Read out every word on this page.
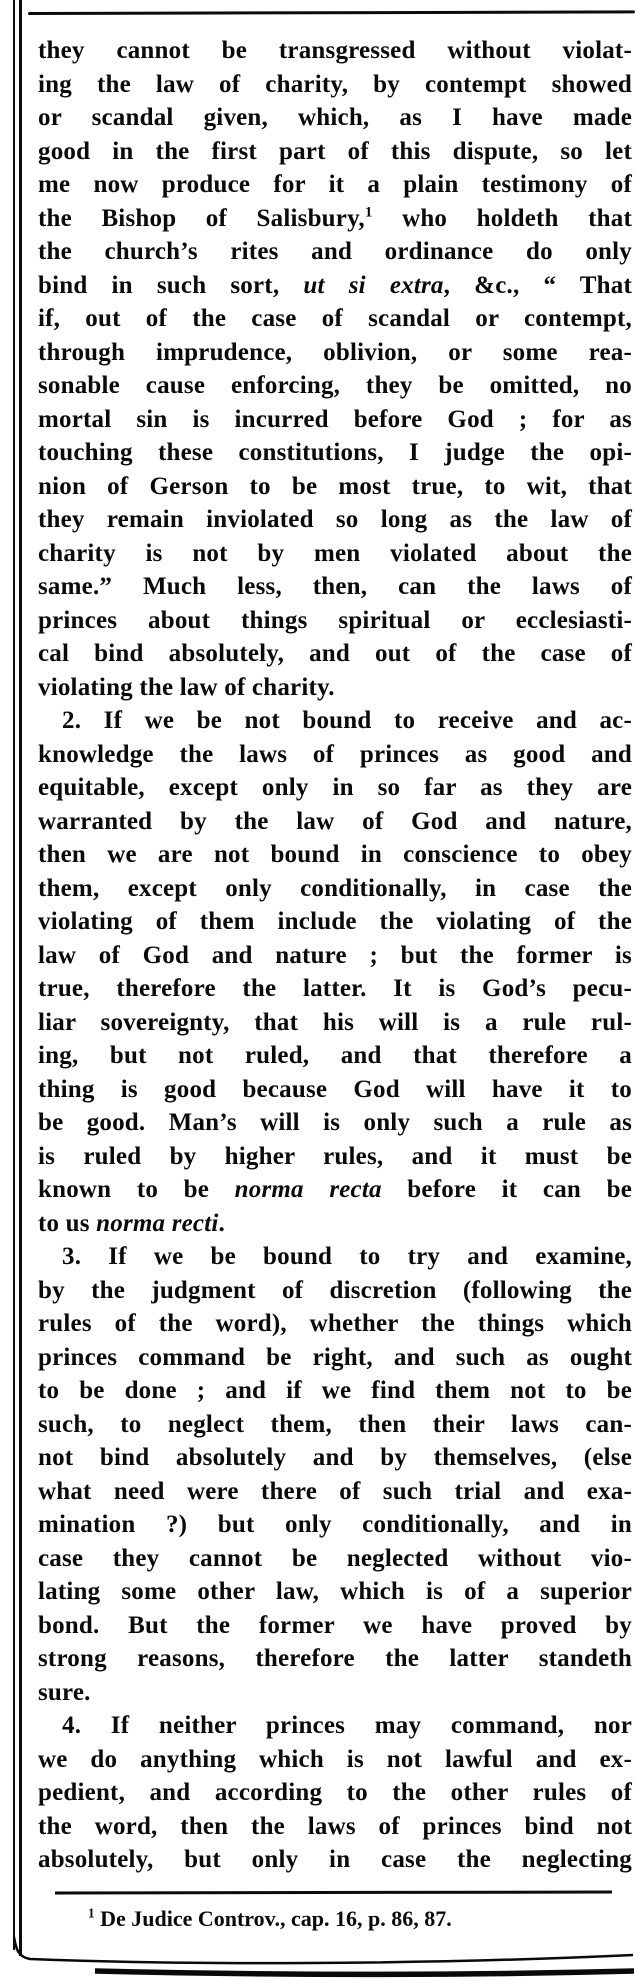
they cannot be transgressed without violat-
ing the law of charity, by contempt showed
or scandal given, which, as I have made
good in the first part of this dispute, so let
me now produce for it a plain testimony of
the Bishop of Salisbury,$^1$ who holdeth that
the church’s rites and ordinance do only
bind in such sort, ut si extra, &c., “ That
if, out of the case of scandal or contempt,
through imprudence, oblivion, or some rea-
sonable cause enforcing, they be omitted, no
mortal sin is incurred before God ; for as
touching these constitutions, I judge the opi-
nion of Gerson to be most true, to wit, that
they remain inviolated so long as the law of
charity is not by men violated about the
same.” Much less, then, can the laws of
princes about things spiritual or ecclesiasti-
cal bind absolutely, and out of the case of
violating the law of charity.
2. If we be not bound to receive and ac-
knowledge the laws of princes as good and
equitable, except only in so far as they are
warranted by the law of God and nature,
then we are not bound in conscience to obey
them, except only conditionally, in case the
violating of them include the violating of the
law of God and nature ; but the former is
true, therefore the latter. It is God’s pecu-
liar sovereignty, that his will is a rule rul-
ing, but not ruled, and that therefore a
thing is good because God will have it to
be good. Man’s will is only such a rule as
is ruled by higher rules, and it must be
known to be norma recta before it can be
to us norma recti.
3. If we be bound to try and examine,
by the judgment of discretion (following the
rules of the word), whether the things which
princes command be right, and such as ought
to be done ; and if we find them not to be
such, to neglect them, then their laws can-
not bind absolutely and by themselves, (else
what need were there of such trial and exa-
mination ?) but only conditionally, and in
case they cannot be neglected without vio-
lating some other law, which is of a superior
bond. But the former we have proved by
strong reasons, therefore the latter standeth
sure.
4. If neither princes may command, nor
we do anything which is not lawful and ex-
pedient, and according to the other rules of
the word, then the laws of princes bind not
absolutely, but only in case the neglecting
$^1$ De Judice Controv., cap. 16, p. 86, 87.
